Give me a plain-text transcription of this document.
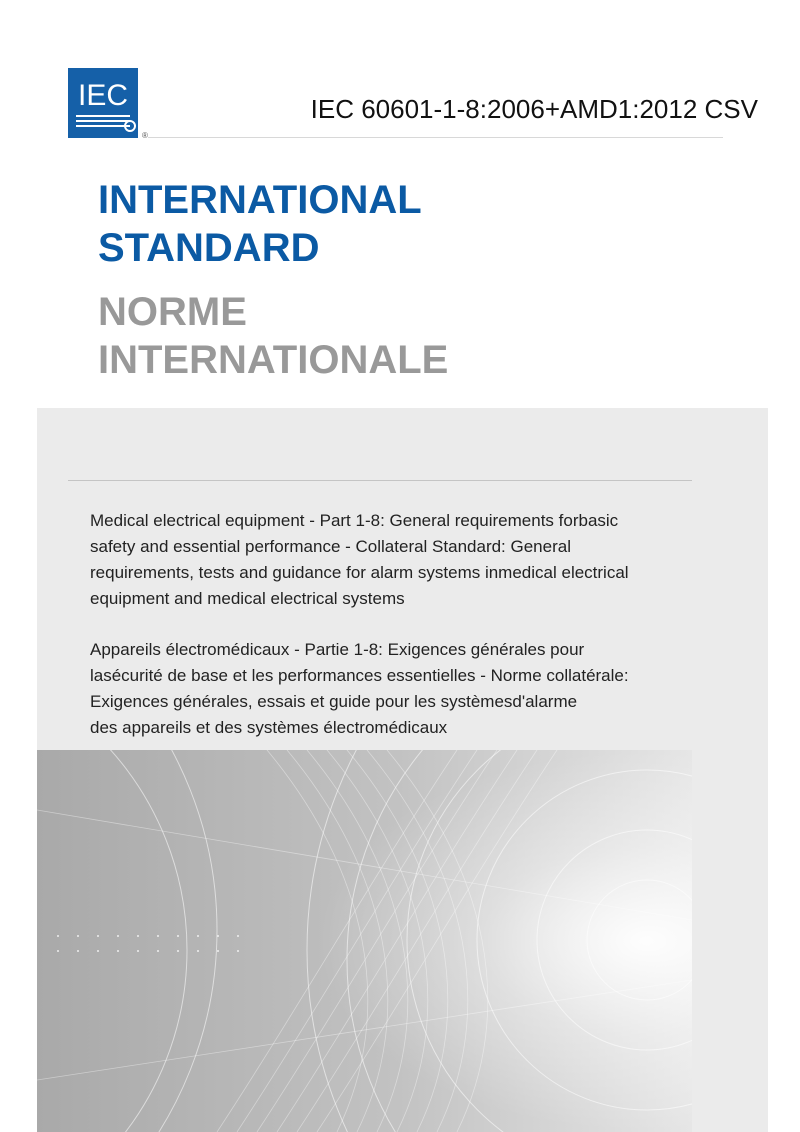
IEC
®
IEC 60601-1-8:2006+AMD1:2012 CSV
INTERNATIONAL
STANDARD
NORME
INTERNATIONALE
Medical electrical equipment - Part 1-8: General requirements forbasic
safety and essential performance - Collateral Standard: General
requirements, tests and guidance for alarm systems inmedical electrical
equipment and medical electrical systems
Appareils électromédicaux - Partie 1-8: Exigences générales pour
lasécurité de base et les performances essentielles - Norme collatérale:
Exigences générales, essais et guide pour les systèmesd'alarme
des appareils et des systèmes électromédicaux
